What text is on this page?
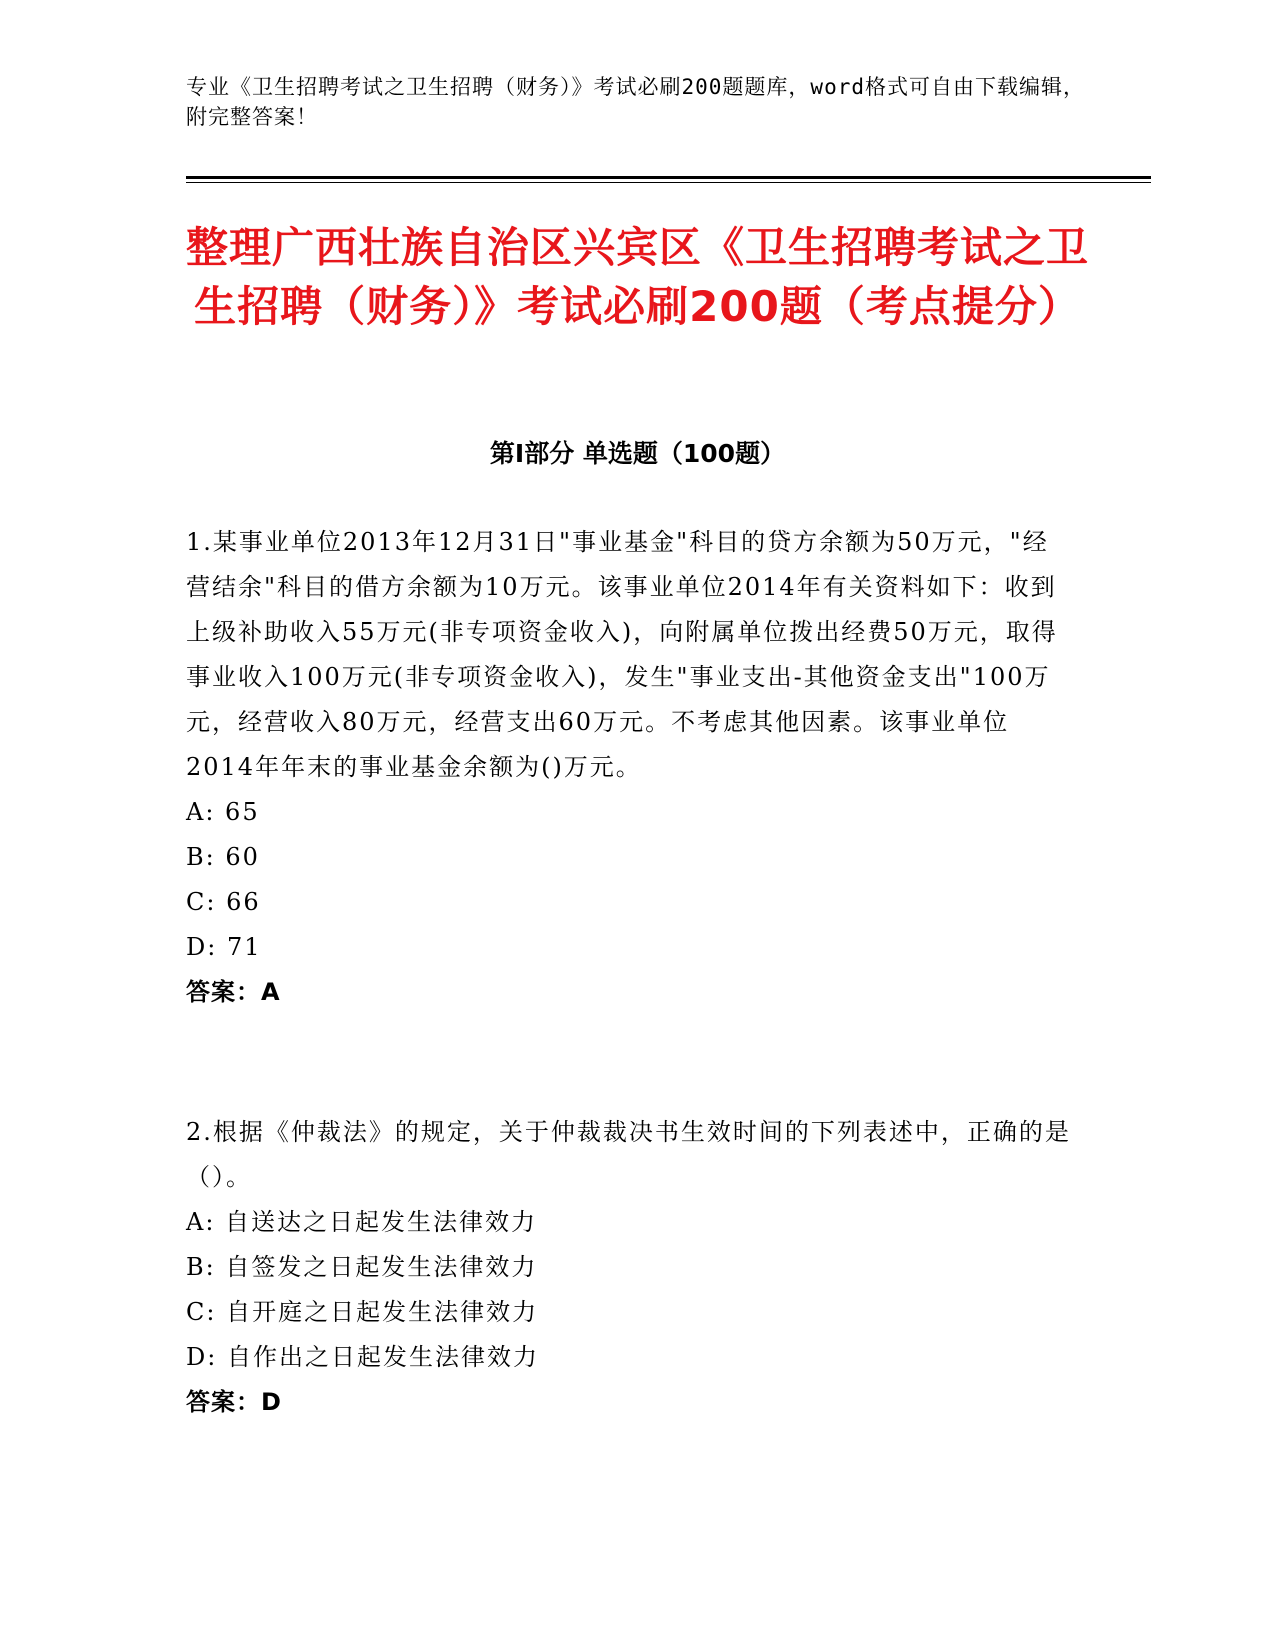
专业《卫生招聘考试之卫生招聘（财务）》考试必刷200题题库，word格式可自由下载编辑，附完整答案！

整理广西壮族自治区兴宾区《卫生招聘考试之卫生招聘（财务）》考试必刷200题（考点提分）
第I部分 单选题（100题）

1.某事业单位2013年12月31日"事业基金"科目的贷方余额为50万元，"经营结余"科目的借方余额为10万元。该事业单位2014年有关资料如下：收到上级补助收入55万元(非专项资金收入)，向附属单位拨出经费50万元，取得事业收入100万元(非专项资金收入)，发生"事业支出-其他资金支出"100万元，经营收入80万元，经营支出60万元。不考虑其他因素。该事业单位2014年年末的事业基金余额为()万元。

A: 65

B: 60

C: 66

D: 71

答案：A

2.根据《仲裁法》的规定，关于仲裁裁决书生效时间的下列表述中，正确的是（）。

A: 自送达之日起发生法律效力

B: 自签发之日起发生法律效力

C: 自开庭之日起发生法律效力

D: 自作出之日起发生法律效力

答案：D
